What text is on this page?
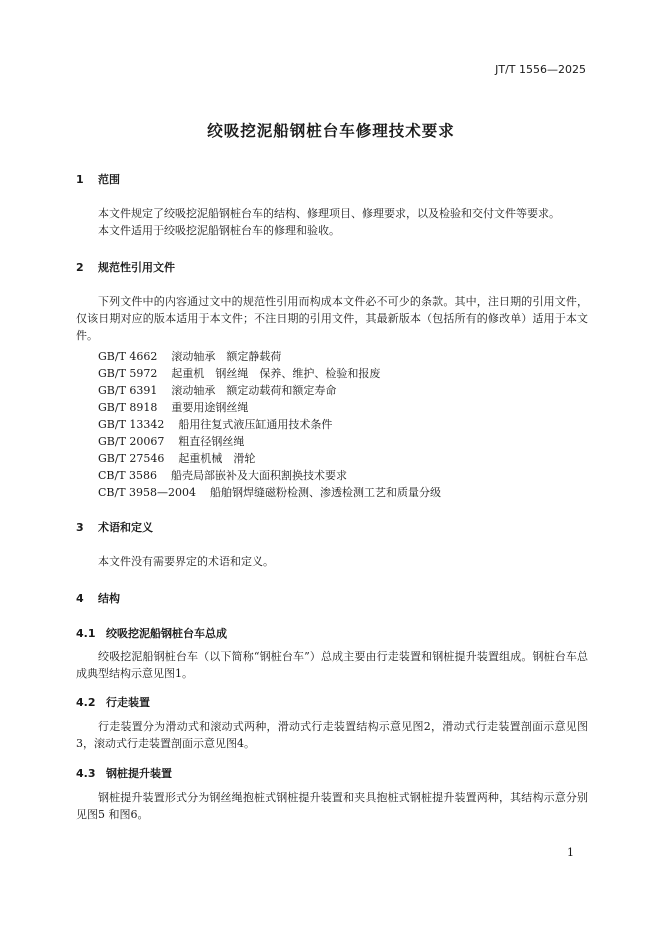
JT/T 1556—2025
绞吸挖泥船钢桩台车修理技术要求
1 范围
本文件规定了绞吸挖泥船钢桩台车的结构、修理项目、修理要求，以及检验和交付文件等要求。
本文件适用于绞吸挖泥船钢桩台车的修理和验收。
2 规范性引用文件
下列文件中的内容通过文中的规范性引用而构成本文件必不可少的条款。其中，注日期的引用文件，仅该日期对应的版本适用于本文件；不注日期的引用文件，其最新版本（包括所有的修改单）适用于本文件。
GB/T 4662 滚动轴承　额定静载荷
GB/T 5972 起重机　钢丝绳　保养、维护、检验和报废
GB/T 6391 滚动轴承　额定动载荷和额定寿命
GB/T 8918 重要用途钢丝绳
GB/T 13342 船用往复式液压缸通用技术条件
GB/T 20067 粗直径钢丝绳
GB/T 27546 起重机械　滑轮
CB/T 3586 船壳局部嵌补及大面积割换技术要求
CB/T 3958—2004 船舶钢焊缝磁粉检测、渗透检测工艺和质量分级
3 术语和定义
本文件没有需要界定的术语和定义。
4 结构
4.1 绞吸挖泥船钢桩台车总成
绞吸挖泥船钢桩台车（以下简称“钢桩台车”）总成主要由行走装置和钢桩提升装置组成。钢桩台车总成典型结构示意见图1。
4.2 行走装置
行走装置分为滑动式和滚动式两种，滑动式行走装置结构示意见图2，滑动式行走装置剖面示意见图3，滚动式行走装置剖面示意见图4。
4.3 钢桩提升装置
钢桩提升装置形式分为钢丝绳抱桩式钢桩提升装置和夹具抱桩式钢桩提升装置两种，其结构示意分别见图5 和图6。
1
